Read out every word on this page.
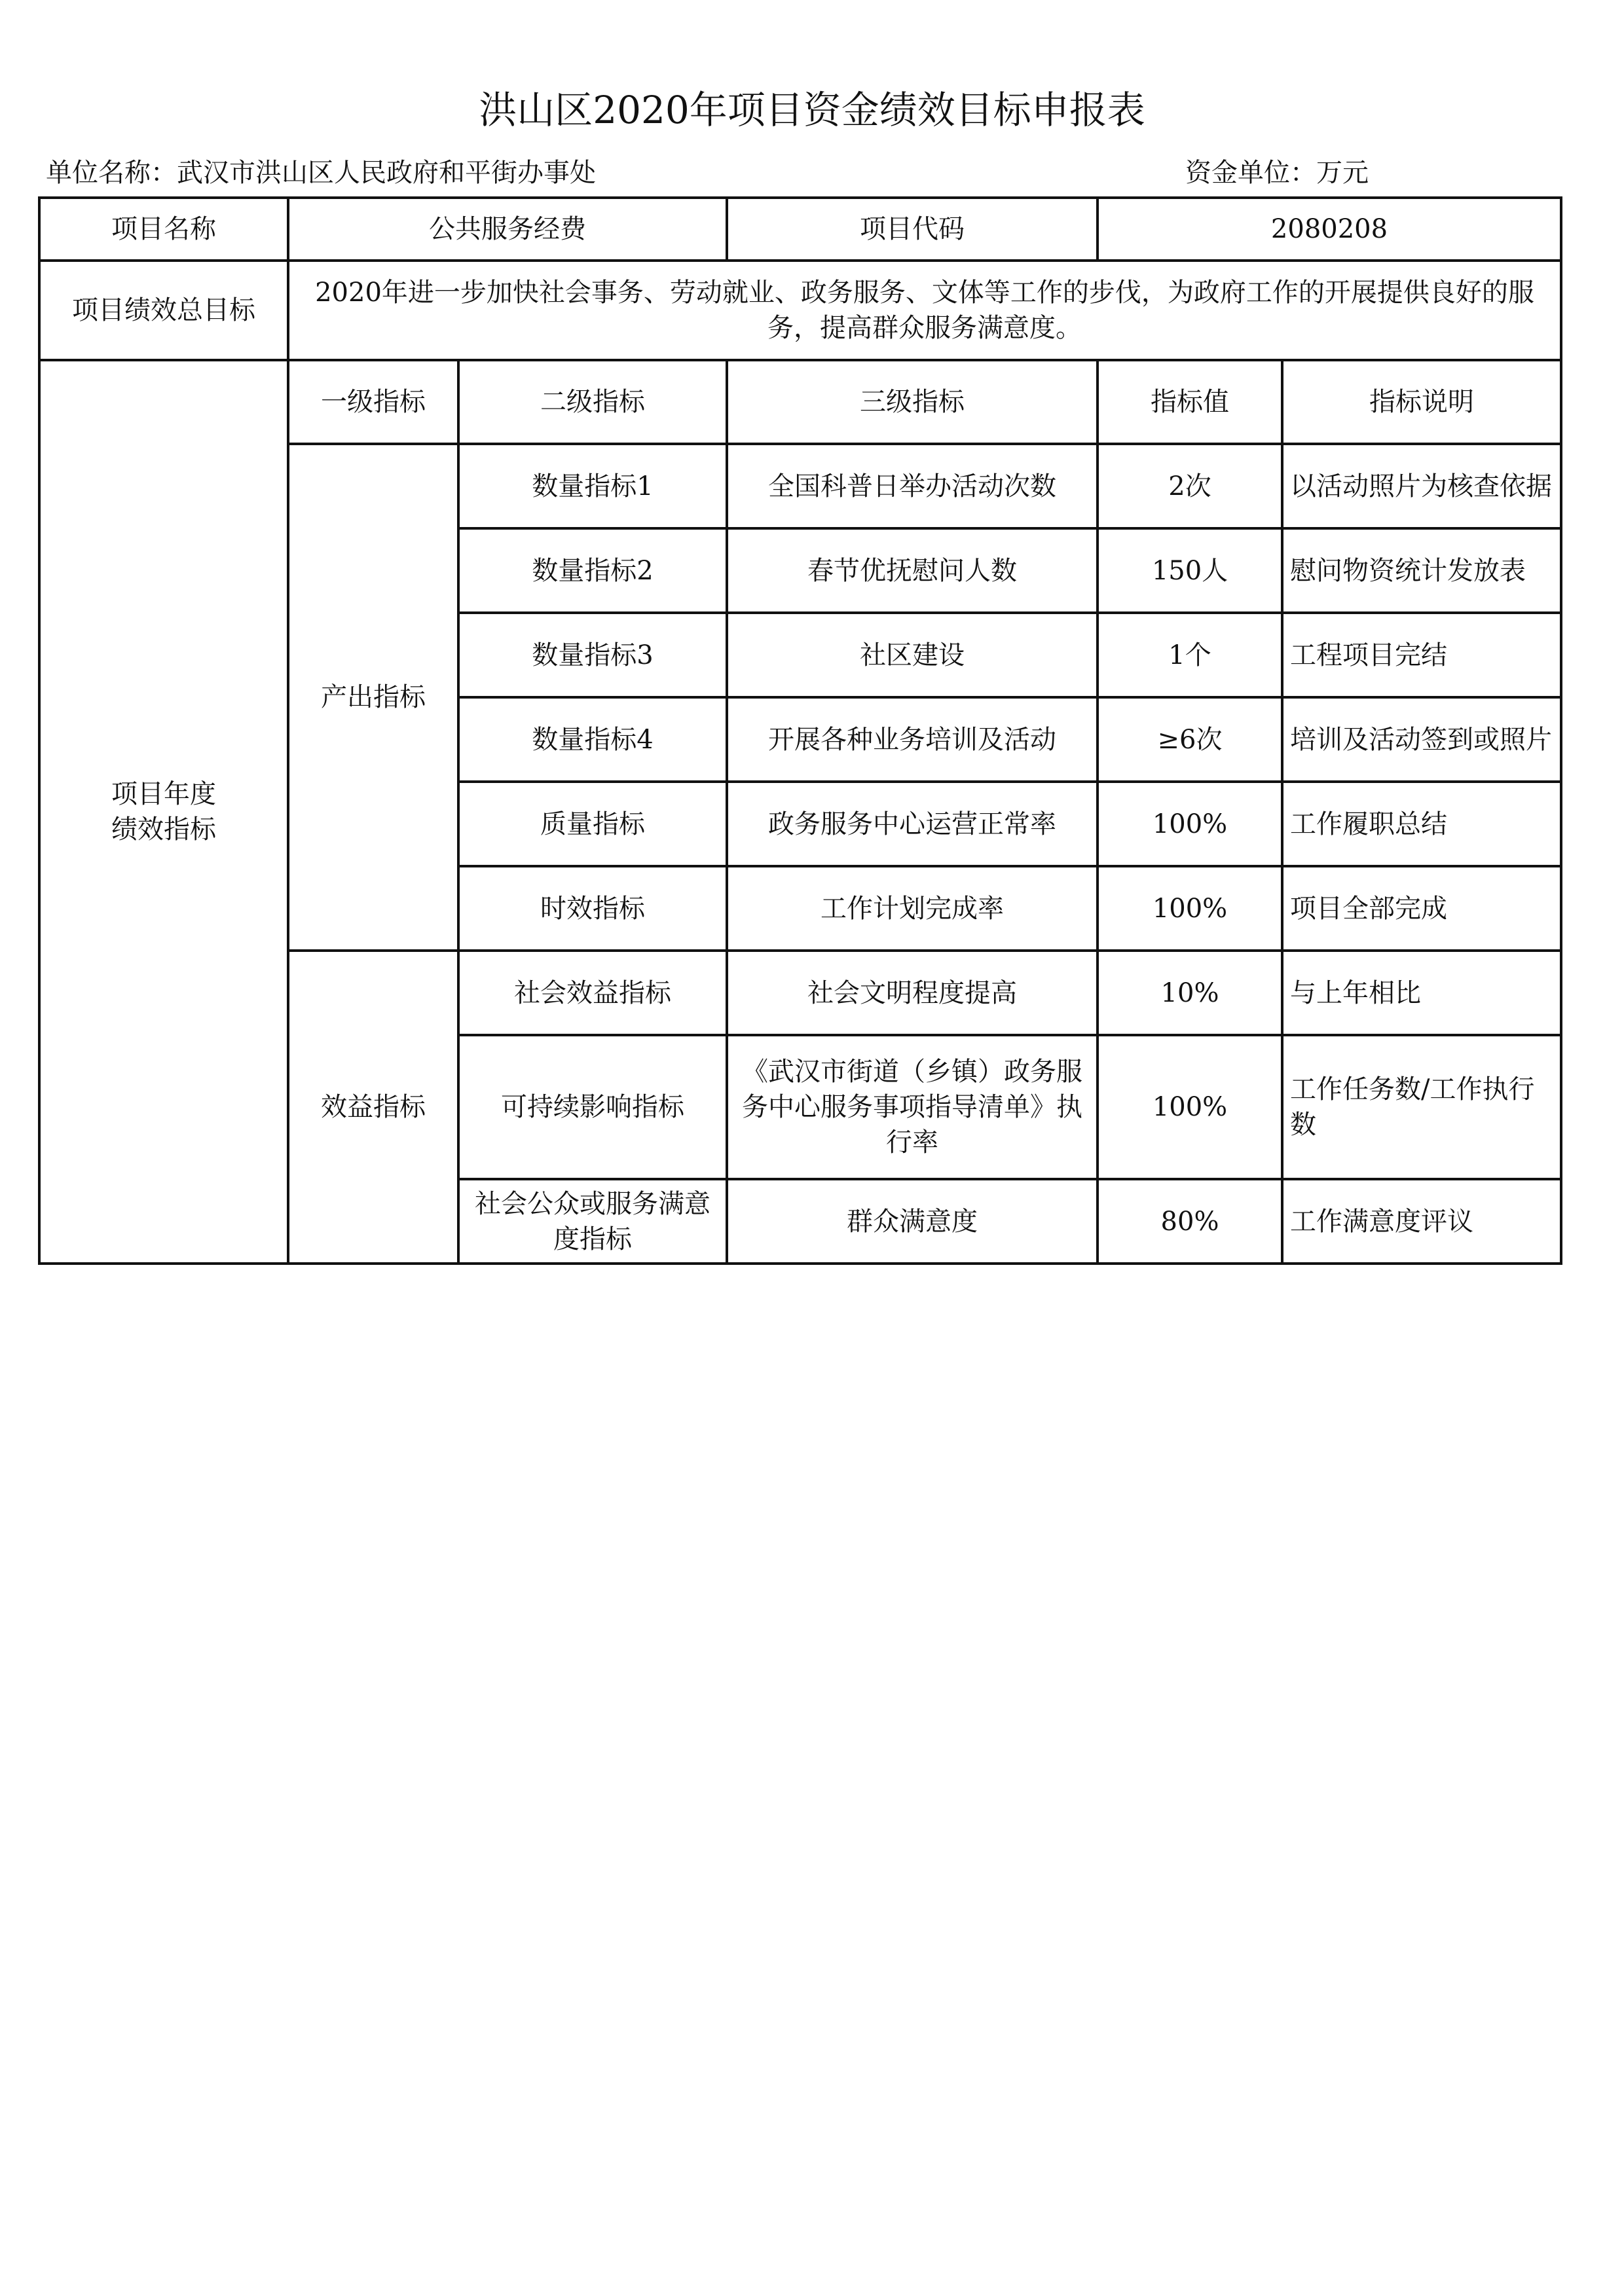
洪山区2020年项目资金绩效目标申报表
单位名称：武汉市洪山区人民政府和平街办事处	资金单位：万元
项目名称	公共服务经费		项目代码	2080208	
项目绩效总目标	2020年进一步加快社会事务、劳动就业、政务服务、文体等工作的步伐，为政府工作的开展提供良好的服务，提高群众服务满意度。				
项目年度
绩效指标	一级指标	二级指标	三级指标	指标值	指标说明
	产出指标	数量指标1	全国科普日举办活动次数	2次	以活动照片为核查依据
		数量指标2	春节优抚慰问人数	150人	慰问物资统计发放表
		数量指标3	社区建设	1个	工程项目完结
		数量指标4	开展各种业务培训及活动	≥6次	培训及活动签到或照片
		质量指标	政务服务中心运营正常率	100%	工作履职总结
		时效指标	工作计划完成率	100%	项目全部完成
	效益指标	社会效益指标	社会文明程度提高	10%	与上年相比
		可持续影响指标	《武汉市街道（乡镇）政务服务中心服务事项指导清单》执行率	100%	工作任务数/工作执行数
		社会公众或服务满意度指标	群众满意度	80%	工作满意度评议
